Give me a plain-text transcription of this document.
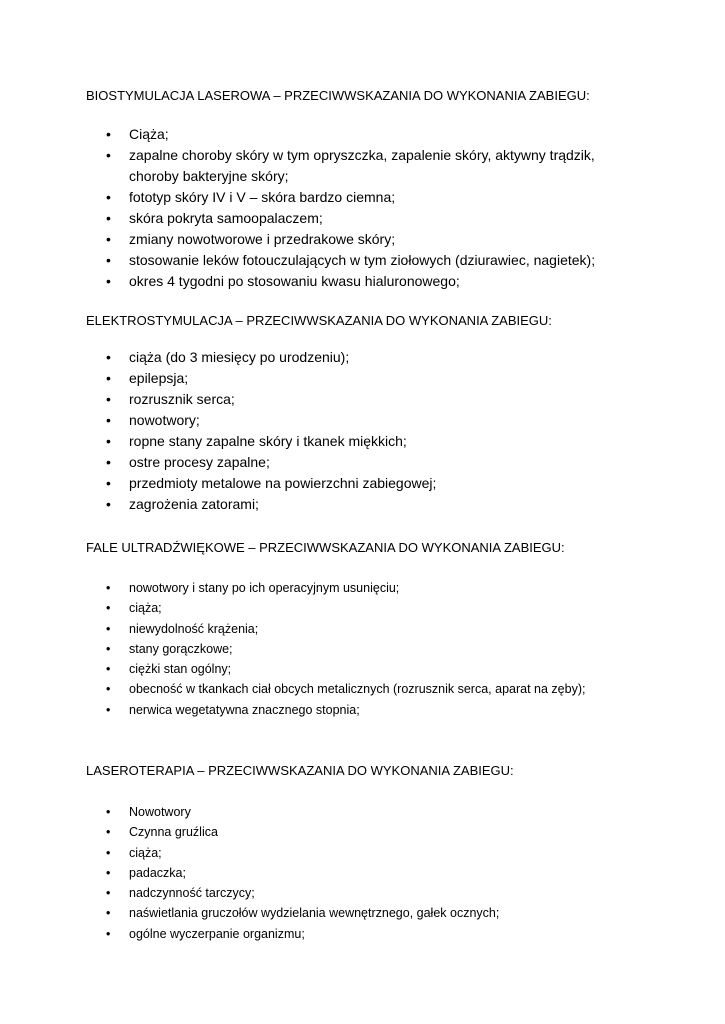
BIOSTYMULACJA LASEROWA – PRZECIWWSKAZANIA DO WYKONANIA ZABIEGU:
• Ciąża;
• zapalne choroby skóry w tym opryszczka, zapalenie skóry, aktywny trądzik, choroby bakteryjne skóry;
• fototyp skóry IV i V – skóra bardzo ciemna;
• skóra pokryta samoopalaczem;
• zmiany nowotworowe i przedrakowe skóry;
• stosowanie leków fotouczulających w tym ziołowych (dziurawiec, nagietek);
• okres 4 tygodni po stosowaniu kwasu hialuronowego;
ELEKTROSTYMULACJA – PRZECIWWSKAZANIA DO WYKONANIA ZABIEGU:
• ciąża (do 3 miesięcy po urodzeniu);
• epilepsja;
• rozrusznik serca;
• nowotwory;
• ropne stany zapalne skóry i tkanek miękkich;
• ostre procesy zapalne;
• przedmioty metalowe na powierzchni zabiegowej;
• zagrożenia zatorami;
FALE ULTRADŹWIĘKOWE – PRZECIWWSKAZANIA DO WYKONANIA ZABIEGU:
• nowotwory i stany po ich operacyjnym usunięciu;
• ciąża;
• niewydolność krążenia;
• stany gorączkowe;
• ciężki stan ogólny;
• obecność w tkankach ciał obcych metalicznych (rozrusznik serca, aparat na zęby);
• nerwica wegetatywna znacznego stopnia;
LASEROTERAPIA – PRZECIWWSKAZANIA DO WYKONANIA ZABIEGU:
• Nowotwory
• Czynna gruźlica
• ciąża;
• padaczka;
• nadczynność tarczycy;
• naświetlania gruczołów wydzielania wewnętrznego, gałek ocznych;
• ogólne wyczerpanie organizmu;
